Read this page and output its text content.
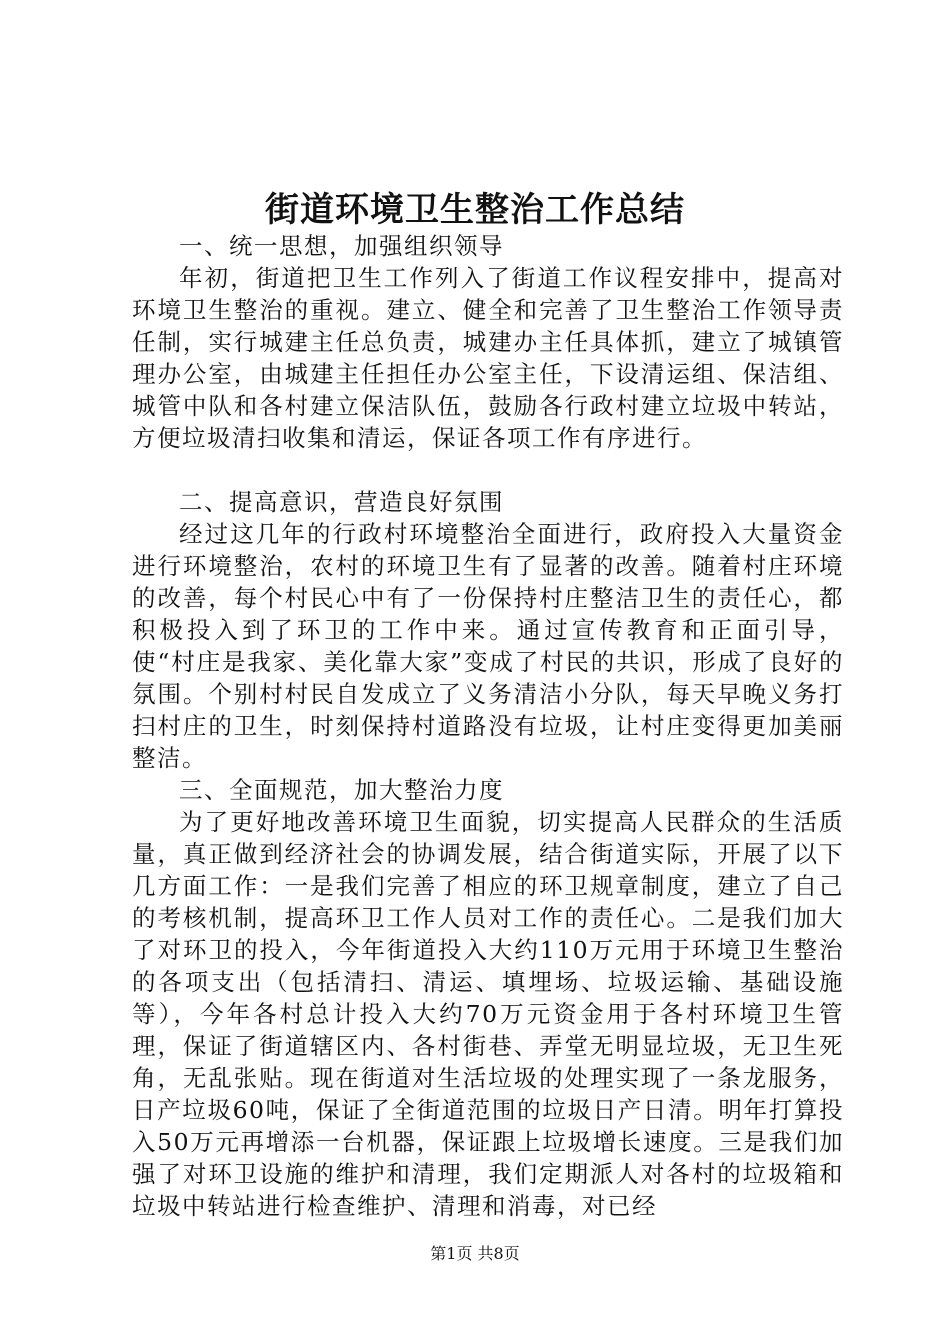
街道环境卫生整治工作总结

一、统一思想，加强组织领导

年初，街道把卫生工作列入了街道工作议程安排中，提高对环境卫生整治的重视。建立、健全和完善了卫生整治工作领导责任制，实行城建主任总负责，城建办主任具体抓，建立了城镇管理办公室，由城建主任担任办公室主任，下设清运组、保洁组、城管中队和各村建立保洁队伍，鼓励各行政村建立垃圾中转站，方便垃圾清扫收集和清运，保证各项工作有序进行。

二、提高意识，营造良好氛围

经过这几年的行政村环境整治全面进行，政府投入大量资金进行环境整治，农村的环境卫生有了显著的改善。随着村庄环境的改善，每个村民心中有了一份保持村庄整洁卫生的责任心，都积极投入到了环卫的工作中来。通过宣传教育和正面引导，使“村庄是我家、美化靠大家”变成了村民的共识，形成了良好的氛围。个别村村民自发成立了义务清洁小分队，每天早晚义务打扫村庄的卫生，时刻保持村道路没有垃圾，让村庄变得更加美丽整洁。

三、全面规范，加大整治力度

为了更好地改善环境卫生面貌，切实提高人民群众的生活质量，真正做到经济社会的协调发展，结合街道实际，开展了以下几方面工作：一是我们完善了相应的环卫规章制度，建立了自己的考核机制，提高环卫工作人员对工作的责任心。二是我们加大了对环卫的投入，今年街道投入大约110万元用于环境卫生整治的各项支出（包括清扫、清运、填埋场、垃圾运输、基础设施等），今年各村总计投入大约70万元资金用于各村环境卫生管理，保证了街道辖区内、各村街巷、弄堂无明显垃圾，无卫生死角，无乱张贴。现在街道对生活垃圾的处理实现了一条龙服务，日产垃圾60吨，保证了全街道范围的垃圾日产日清。明年打算投入50万元再增添一台机器，保证跟上垃圾增长速度。三是我们加强了对环卫设施的维护和清理，我们定期派人对各村的垃圾箱和垃圾中转站进行检查维护、清理和消毒，对已经

第1页 共8页
